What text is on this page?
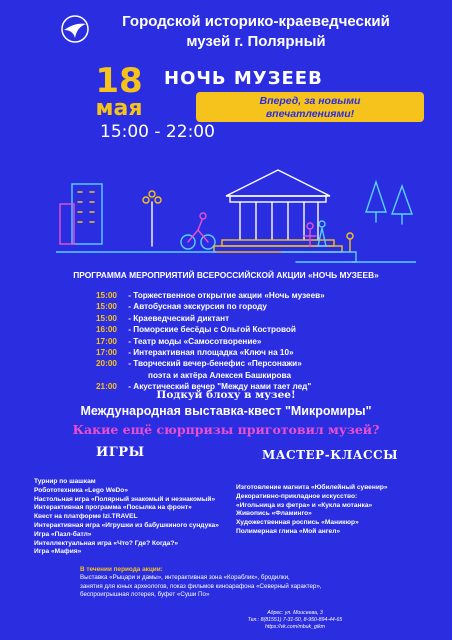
Городской историко-краеведческий
музей г. Полярный
18
мая
НОЧЬ МУЗЕЕВ
Вперед, за новыми
впечатлениями!
15:00 - 22:00
ПРОГРАММА МЕРОПРИЯТИЙ ВСЕРОССИЙСКОЙ АКЦИИ «НОЧЬ МУЗЕЕВ»
15:00 - Торжественное открытие акции «Ночь музеев»
15:00 - Автобусная экскурсия по городу
15:00 - Краеведческий диктант
16:00 - Поморские бесёды с Ольгой Костровой
17:00 - Театр моды «Самосотворение»
17:00 - Интерактивная площадка «Ключ на 10»
20:00 - Творческий вечер-бенефис «Персонажи»
поэта и актёра Алексея Башкирова
21:00 - Акустический вечер "Между нами тает лед"
Подкуй блоху в музее!
Международная выставка-квест "Микромиры"
Какие ещё сюрпризы приготовил музей?
ИГРЫ	МАСТЕР-КЛАССЫ
Турнир по шашкам
Робототехника «Lego WeDo»
Настольная игра «Полярный знакомый и незнакомый»
Интерактивная программа «Посылка на фронт»
Квест на платформе Izi.TRAVEL
Интерактивная игра «Игрушки из бабушкиного сундука»
Игра «Пазл-батл»
Интеллектуальная игра «Что? Где? Когда?»
Игра «Мафия»
Изготовление магнита «Юбилейный сувенир»
Декоративно-прикладное искусство:
«Игольница из фетра» и «Кукла мотанка»
Живопись «Фламинго»
Художественная роспись «Маникюр»
Полимерная глина «Мой ангел»
В течении периода акции:
Выставка «Рыцари и дамы», интерактивная зона «Кораблик», бродилки,
занятия для юных археологов, показ фильмов киноарафона «Северный характер»,
беспроигрышная лотерея, буфет «Суши По»
Адрес: ул. Моисеева, 3
Тел.: 8(81551) 7-31-50, 8-950-894-44-65
https://vk.com/mbuk_gikm
